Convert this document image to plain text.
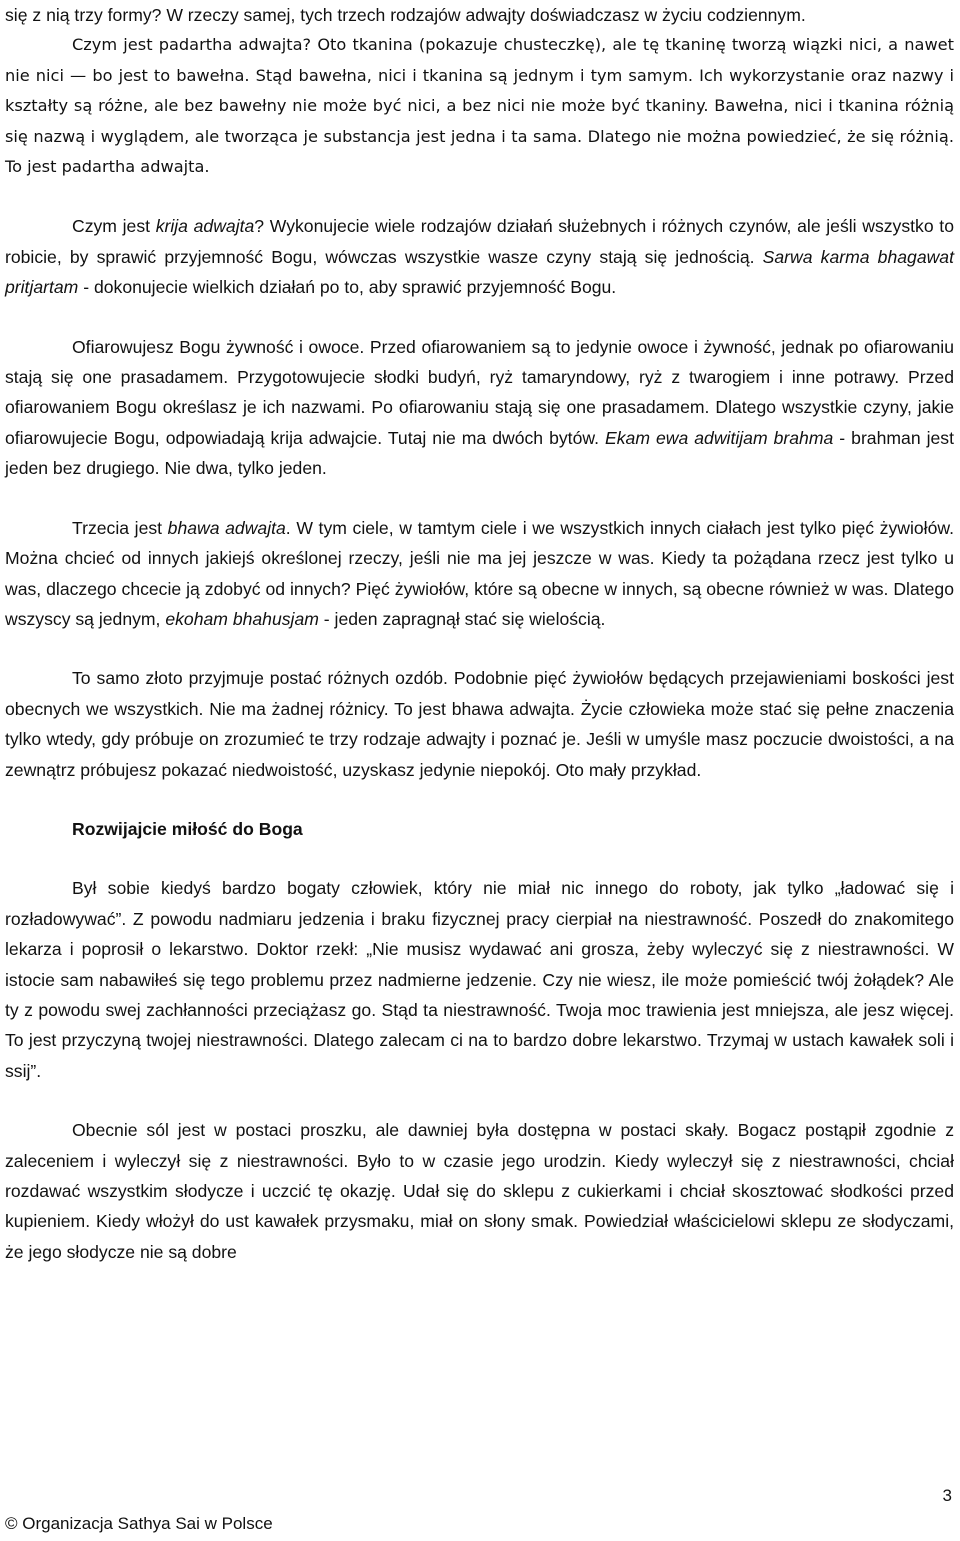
się z nią trzy formy? W rzeczy samej, tych trzech rodzajów adwajty doświadczasz w życiu codziennym.

Czym jest padartha adwajta? Oto tkanina (pokazuje chusteczkę), ale tę tkaninę tworzą wiązki nici, a nawet nie nici — bo jest to bawełna. Stąd bawełna, nici i tkanina są jednym i tym samym. Ich wykorzystanie oraz nazwy i kształty są różne, ale bez bawełny nie może być nici, a bez nici nie może być tkaniny. Bawełna, nici i tkanina różnią się nazwą i wyglądem, ale tworząca je substancja jest jedna i ta sama. Dlatego nie można powiedzieć, że się różnią. To jest padartha adwajta.

Czym jest krija adwajta? Wykonujecie wiele rodzajów działań służebnych i różnych czynów, ale jeśli wszystko to robicie, by sprawić przyjemność Bogu, wówczas wszystkie wasze czyny stają się jednością. Sarwa karma bhagawat pritjartam - dokonujecie wielkich działań po to, aby sprawić przyjemność Bogu.

Ofiarowujesz Bogu żywność i owoce. Przed ofiarowaniem są to jedynie owoce i żywność, jednak po ofiarowaniu stają się one prasadamem. Przygotowujecie słodki budyń, ryż tamaryndowy, ryż z twarogiem i inne potrawy. Przed ofiarowaniem Bogu określasz je ich nazwami. Po ofiarowaniu stają się one prasadamem. Dlatego wszystkie czyny, jakie ofiarowujecie Bogu, odpowiadają krija adwajcie. Tutaj nie ma dwóch bytów. Ekam ewa adwitijam brahma - brahman jest jeden bez drugiego. Nie dwa, tylko jeden.

Trzecia jest bhawa adwajta. W tym ciele, w tamtym ciele i we wszystkich innych ciałach jest tylko pięć żywiołów. Można chcieć od innych jakiejś określonej rzeczy, jeśli nie ma jej jeszcze w was. Kiedy ta pożądana rzecz jest tylko u was, dlaczego chcecie ją zdobyć od innych? Pięć żywiołów, które są obecne w innych, są obecne również w was. Dlatego wszyscy są jednym, ekoham bhahusjam - jeden zapragnął stać się wielością.

To samo złoto przyjmuje postać różnych ozdób. Podobnie pięć żywiołów będących przejawieniami boskości jest obecnych we wszystkich. Nie ma żadnej różnicy. To jest bhawa adwajta. Życie człowieka może stać się pełne znaczenia tylko wtedy, gdy próbuje on zrozumieć te trzy rodzaje adwajty i poznać je. Jeśli w umyśle masz poczucie dwoistości, a na zewnątrz próbujesz pokazać niedwoistość, uzyskasz jedynie niepokój. Oto mały przykład.

Rozwijajcie miłość do Boga

Był sobie kiedyś bardzo bogaty człowiek, który nie miał nic innego do roboty, jak tylko „ładować się i rozładowywać”. Z powodu nadmiaru jedzenia i braku fizycznej pracy cierpiał na niestrawność. Poszedł do znakomitego lekarza i poprosił o lekarstwo. Doktor rzekł: „Nie musisz wydawać ani grosza, żeby wyleczyć się z niestrawności. W istocie sam nabawiłeś się tego problemu przez nadmierne jedzenie. Czy nie wiesz, ile może pomieścić twój żołądek? Ale ty z powodu swej zachłanności przeciążasz go. Stąd ta niestrawność. Twoja moc trawienia jest mniejsza, ale jesz więcej. To jest przyczyną twojej niestrawności. Dlatego zalecam ci na to bardzo dobre lekarstwo. Trzymaj w ustach kawałek soli i ssij”.

Obecnie sól jest w postaci proszku, ale dawniej była dostępna w postaci skały. Bogacz postąpił zgodnie z zaleceniem i wyleczył się z niestrawności. Było to w czasie jego urodzin. Kiedy wyleczył się z niestrawności, chciał rozdawać wszystkim słodycze i uczcić tę okazję. Udał się do sklepu z cukierkami i chciał skosztować słodkości przed kupieniem. Kiedy włożył do ust kawałek przysmaku, miał on słony smak. Powiedział właścicielowi sklepu ze słodyczami, że jego słodycze nie są dobre

© Organizacja Sathya Sai w Polsce
3
